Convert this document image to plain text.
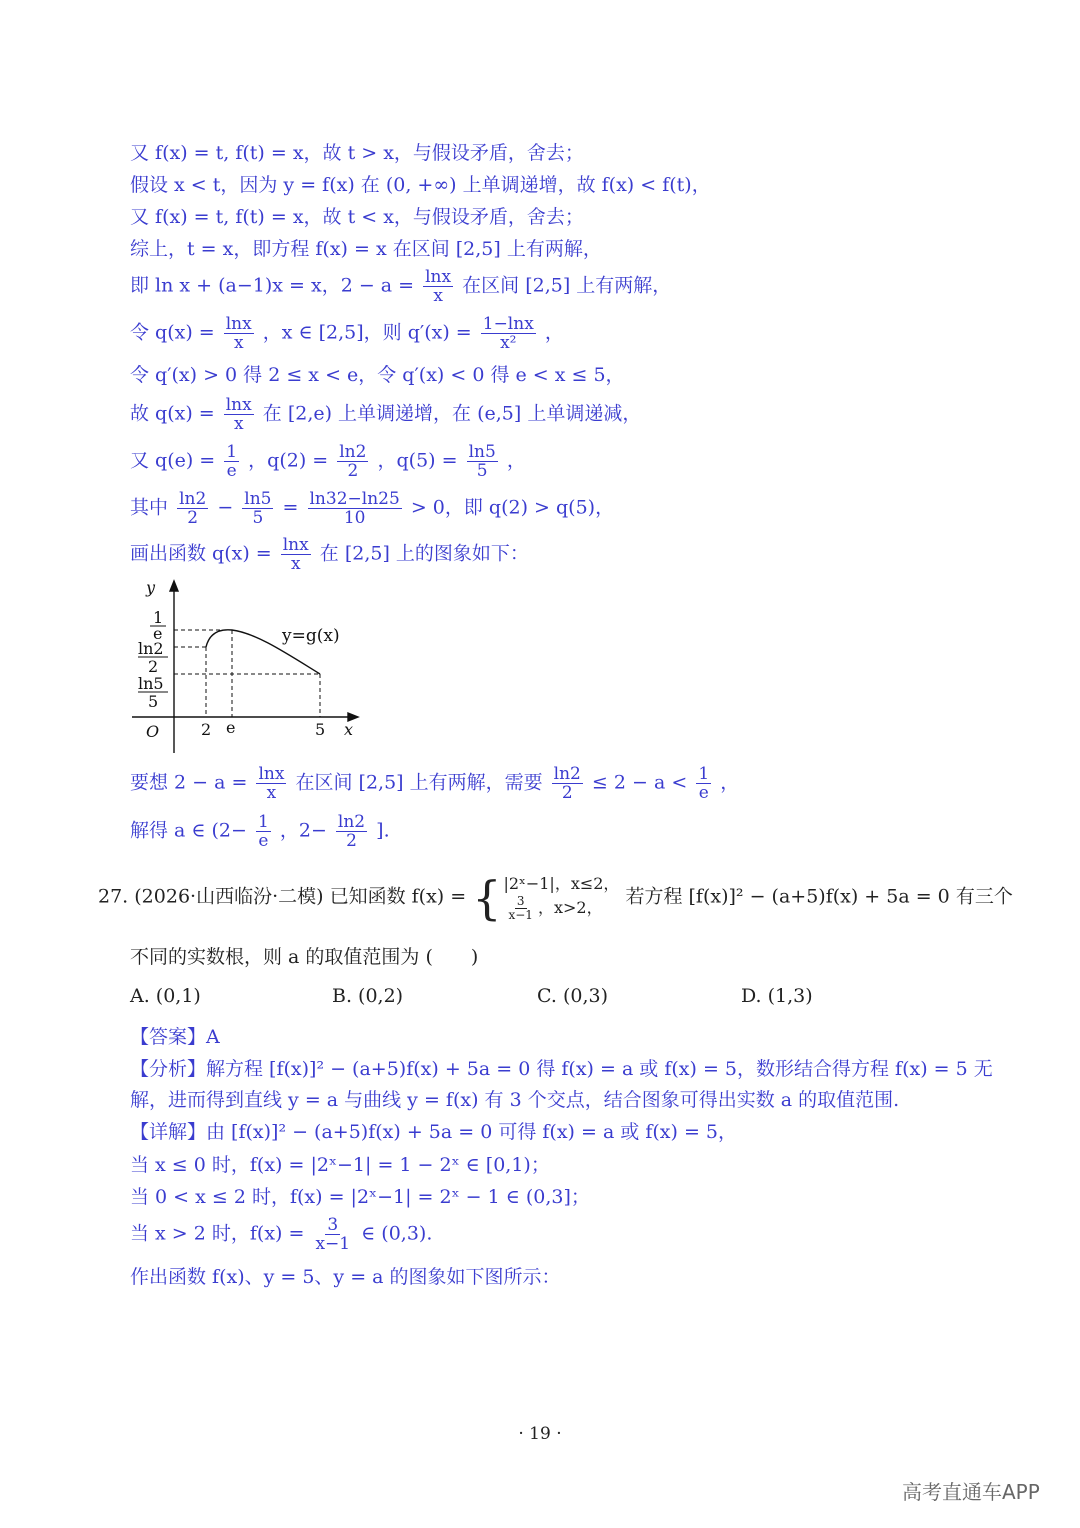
又 f(x) = t, f(t) = x，故 t > x，与假设矛盾，舍去；
假设 x < t，因为 y = f(x) 在 (0, +∞) 上单调递增，故 f(x) < f(t)，
又 f(x) = t, f(t) = x，故 t < x，与假设矛盾，舍去；
综上，t = x，即方程 f(x) = x 在区间 [2,5] 上有两解，
即 ln x + (a−1)x = x，$2 - a = \frac{\ln x}{x}$ 在区间 [2,5] 上有两解，
令 $q(x) = \frac{\ln x}{x}$ ，x ∈ [2,5]，则 $q'(x) = \frac{1-\ln x}{\text{x²}}$ ，
令 q′(x) > 0 得 2 ≤ x < e，令 q′(x) < 0 得 e < x ≤ 5，
故 $q(x) = \frac{\ln x}{x}$ 在 [2,e) 上单调递增，在 (e,5] 上单调递减，
又 $q(e) = \frac{1}{e}$ ，$q(2) = \frac{\ln 2}{2}$ ，$q(5) = \frac{\ln 5}{5}$ ，
其中 $\frac{\ln 2}{2} - \frac{\ln 5}{5} = \frac{\ln 32-\ln 25}{10} > 0$，即 q(2) > q(5)，
画出函数 $q(x) = \frac{\ln x}{x}$ 在 [2,5] 上的图象如下：
y
x
O
1
e
ln2
2
ln5
5
2 e	5
y=g(x)
要想 $2 - a = \frac{\ln x}{x}$ 在区间 [2,5] 上有两解，需要 $\frac{\ln 2}{2} \le 2 - a < \frac{1}{e}$ ，
解得 a ∈ ($2- \frac{1}{e}$ ，$2- \frac{\ln 2}{2}$ ].
27. (2026·山西临汾·二模) 已知函数 f(x) = { |2ˣ−1|，x≤2，
$\frac{3}{x-1}$ ，x>2，	若方程 [f(x)]² − (a+5)f(x) + 5a = 0 有三个
不同的实数根，则 a 的取值范围为 (　　)
A. (0,1)	B. (0,2)	C. (0,3)	D. (1,3)
【答案】A
【分析】解方程 [f(x)]² − (a+5)f(x) + 5a = 0 得 f(x) = a 或 f(x) = 5，数形结合得方程 f(x) = 5 无
解，进而得到直线 y = a 与曲线 y = f(x) 有 3 个交点，结合图象可得出实数 a 的取值范围.
【详解】由 [f(x)]² − (a+5)f(x) + 5a = 0 可得 f(x) = a 或 f(x) = 5，
当 x ≤ 0 时，f(x) = |2ˣ−1| = 1 − 2ˣ ∈ [0,1)；
当 0 < x ≤ 2 时，f(x) = |2ˣ−1| = 2ˣ − 1 ∈ (0,3]；
当 x > 2 时，$f(x) = \frac{3}{x-1}$ ∈ (0,3).
作出函数 f(x)、y = 5、y = a 的图象如下图所示：
· 19 ·
高考直通车APP
